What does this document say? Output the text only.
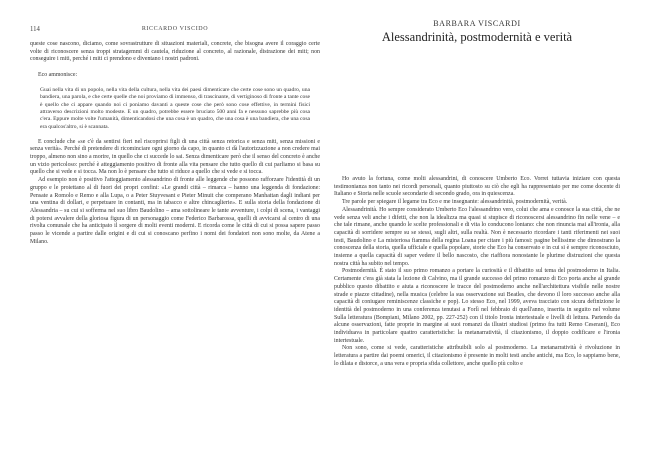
114	RICCARDO VISCIDO

queste cose nascono, diciamo, come sovrastrutture di situazioni materiali, concrete, che bisogna avere il coraggio certe volte di riconoscere senza troppi stratagemmi di cautela, riduzione al concreto, al razionale, distrazione dei miti; non conseguire i miti, perché i miti ci prendono e diventano i nostri padroni.

Eco ammonisce:

Guai nella vita di un popolo, nella vita della cultura, nella vita dei paesi dimenticare che certe cose sono un quadro, una bandiera, una parola, e che certe quelle che noi proviamo di immenso, di trascinante, di vertiginoso di fronte a tante cose è quello che ci appare quando noi ci poniamo davanti a queste cose che però sono cose effettive, in termini fisici attraverso descrizioni molto modeste. E un quadro, potrebbe essere bruciato 500 anni fa e nessuno saprebbe più cosa c'era. Eppure molte volte l'umanità, dimenticandosi che una cosa è un quadro, che una cosa è una bandiera, che una cosa era qualcos'altro, si è scannata.

E conclude che «se c'è da sentirsi fieri nel riscoprirsi figli di una città senza retorica e senza miti, senza missioni e senza verità». Perché di pretendere di ricominciare ogni giorno da capo, in quanto ci dà l'autorizzazione a non credere mai troppo, almeno non sino a morire, in quello che ci succede lo sai. Senza dimenticare però che il senso del concreto è anche un vizio pericoloso: perché è atteggiamento positivo di fronte alla vita pensare che tutto quello di cui parliamo si basa su quello che si vede e si tocca. Ma non lo è pensare che tutto si riduce a quello che si vede e si tocca.

Ad esempio non è positivo l'atteggiamento alessandrino di fronte alle leggende che possono rafforzare l'identità di un gruppo e le proiettano al di fuori dei propri confini: «Le grandi città – rimarca – hanno una leggenda di fondazione: Pensate a Romolo e Remo e alla Lupa, o a Peter Stuyvesant e Pieter Minuit che comperano Manhattan dagli indiani per una ventina di dollari, e perpetuare in contanti, ma in tabacco e altre chincaglierie». E sulla storia della fondazione di Alessandria – su cui si sofferma nel suo libro Baudolino – ama sottolineare le tante avventure, i colpi di scena, i vantaggi di potersi avvalere della gloriosa figura di un personaggio come Federico Barbarossa, quelli di avvicarsi al centro di una rivolta comunale che ha anticipato il sorgere di molti eventi moderni. E ricorda come le città di cui si possa sapere passo passo le vicende a partire dalle origini e di cui si conoscano perfino i nomi dei fondatori non sono molte, da Atene a Milano.

BARBARA VISCARDI
Alessandrinità, postmodernità e verità

Ho avuto la fortuna, come molti alessandrini, di conoscere Umberto Eco. Vorrei tuttavia iniziare con questa testimonianza non tanto nei ricordi personali, quanto piuttosto su ciò che egli ha rappresentato per me come docente di Italiano e Storia nelle scuole secondarie di secondo grado, ora in quiescenza.

Tre parole per spiegare il legame tra Eco e me insegnante: alessandrinità, postmodernità, verità.

Alessandrinità. Ho sempre considerato Umberto Eco l'alessandrino vero, colui che ama e conosce la sua città, che ne vede senza veli anche i difetti, che non la idealizza ma quasi si stupisce di riconoscersi alessandrino fin nelle vene – e che tale rimane, anche quando le scelte professionali e di vita lo conducono lontano: che non rinuncia mai all'ironia, alla capacità di sorridere sempre su se stessi, sugli altri, sulla realtà. Non è necessario ricordare i tanti riferimenti nei suoi testi, Baudolino e La misteriosa fiamma della regina Loana per citare i più famosi: pagine bellissime che dimostrano la conoscenza della storia, quella ufficiale e quella popolare, storie che Eco ha conservato e in cui si è sempre riconosciuto, insieme a quella capacità di saper vedere il bello nascosto, che riaffiora nonostante le plurime distruzioni che questa nostra città ha subito nel tempo.

Postmodernità. È stato il suo primo romanzo a portare la curiosità e il dibattito sul tema del postmoderno in Italia. Certamente c'era già stata la lezione di Calvino, ma il grande successo del primo romanzo di Eco porta anche al grande pubblico questo dibattito e aiuta a riconoscere le tracce del postmoderno anche nell'architettura visibile nelle nostre strade e piazze cittadine), nella musica (celebre la sua osservazione sui Beatles, che devono il loro successo anche alla capacità di coniugare reminiscenze classiche e pop). Lo stesso Eco, nel 1999, aveva tracciato con sicura definizione le identità del postmoderno in una conferenza tenutasi a Forlì nel febbraio di quell'anno, inserita in seguito nel volume Sulla letteratura (Bompiani, Milano 2002, pp. 227-252) con il titolo Ironia intertestuale e livelli di lettura. Partendo da alcune osservazioni, fatte proprie in margine ai suoi romanzi da illustri studiosi (primo fra tutti Remo Ceserani), Eco individuava in particolare quattro caratteristiche: la metanarratività, il citazionismo, il doppio codificare e l'ironia intertestuale.

Non sono, come si vede, caratteristiche attribuibili solo al postmoderno. La metanarratività è rivoluzione in letteratura a partire dai poemi omerici, il citazionismo è presente in molti testi anche antichi, ma Eco, lo sappiamo bene, lo dilata e distorce, a una vera e propria sfida collettore, anche quello più colto e
